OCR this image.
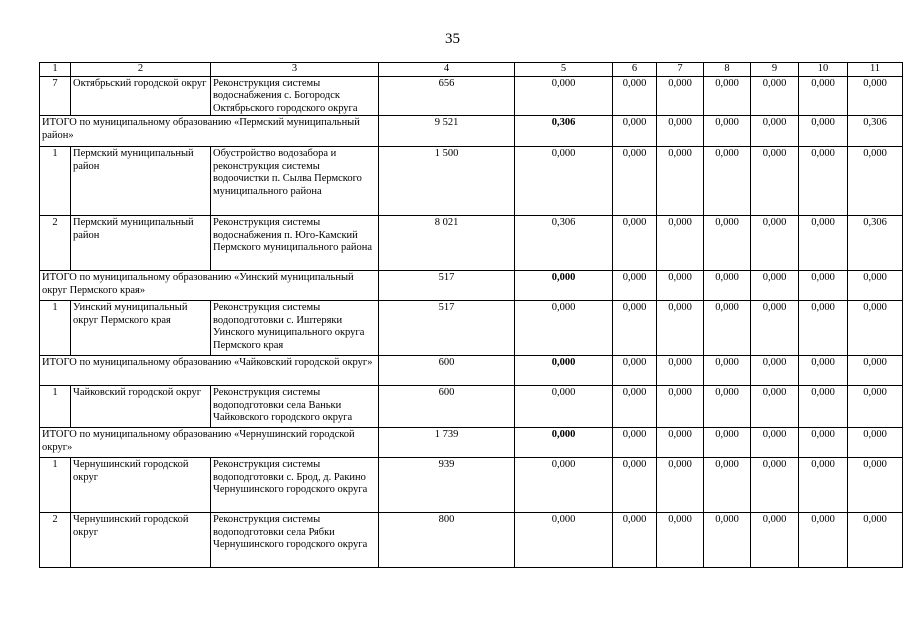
35
1	2	3	4	5	6	7	8	9	10	11
7	Октябрьский городской округ	Реконструкция системы водоснабжения с. Богородск Октябрьского городского округа	656	0,000	0,000	0,000	0,000	0,000	0,000	0,000
ИТОГО по муниципальному образованию «Пермский муниципальный район»			9 521	0,306	0,000	0,000	0,000	0,000	0,000	0,306
1	Пермский муниципальный район	Обустройство водозабора и реконструкция системы водоочистки п. Сылва Пермского муниципального района	1 500	0,000	0,000	0,000	0,000	0,000	0,000	0,000
2	Пермский муниципальный район	Реконструкция системы водоснабжения п. Юго-Камский Пермского муниципального района	8 021	0,306	0,000	0,000	0,000	0,000	0,000	0,306
ИТОГО по муниципальному образованию «Уинский муниципальный округ Пермского края»			517	0,000	0,000	0,000	0,000	0,000	0,000	0,000
1	Уинский муниципальный округ Пермского края	Реконструкция системы водоподготовки с. Иштеряки Уинского муниципального округа Пермского края	517	0,000	0,000	0,000	0,000	0,000	0,000	0,000
ИТОГО по муниципальному образованию «Чайковский городской округ»			600	0,000	0,000	0,000	0,000	0,000	0,000	0,000
1	Чайковский городской округ	Реконструкция системы водоподготовки села Ваньки Чайковского городского округа	600	0,000	0,000	0,000	0,000	0,000	0,000	0,000
ИТОГО по муниципальному образованию «Чернушинский городской округ»			1 739	0,000	0,000	0,000	0,000	0,000	0,000	0,000
1	Чернушинский городской округ	Реконструкция системы водоподготовки с. Брод, д. Ракино Чернушинского городского округа	939	0,000	0,000	0,000	0,000	0,000	0,000	0,000
2	Чернушинский городской округ	Реконструкция системы водоподготовки села Рябки Чернушинского городского округа	800	0,000	0,000	0,000	0,000	0,000	0,000	0,000
